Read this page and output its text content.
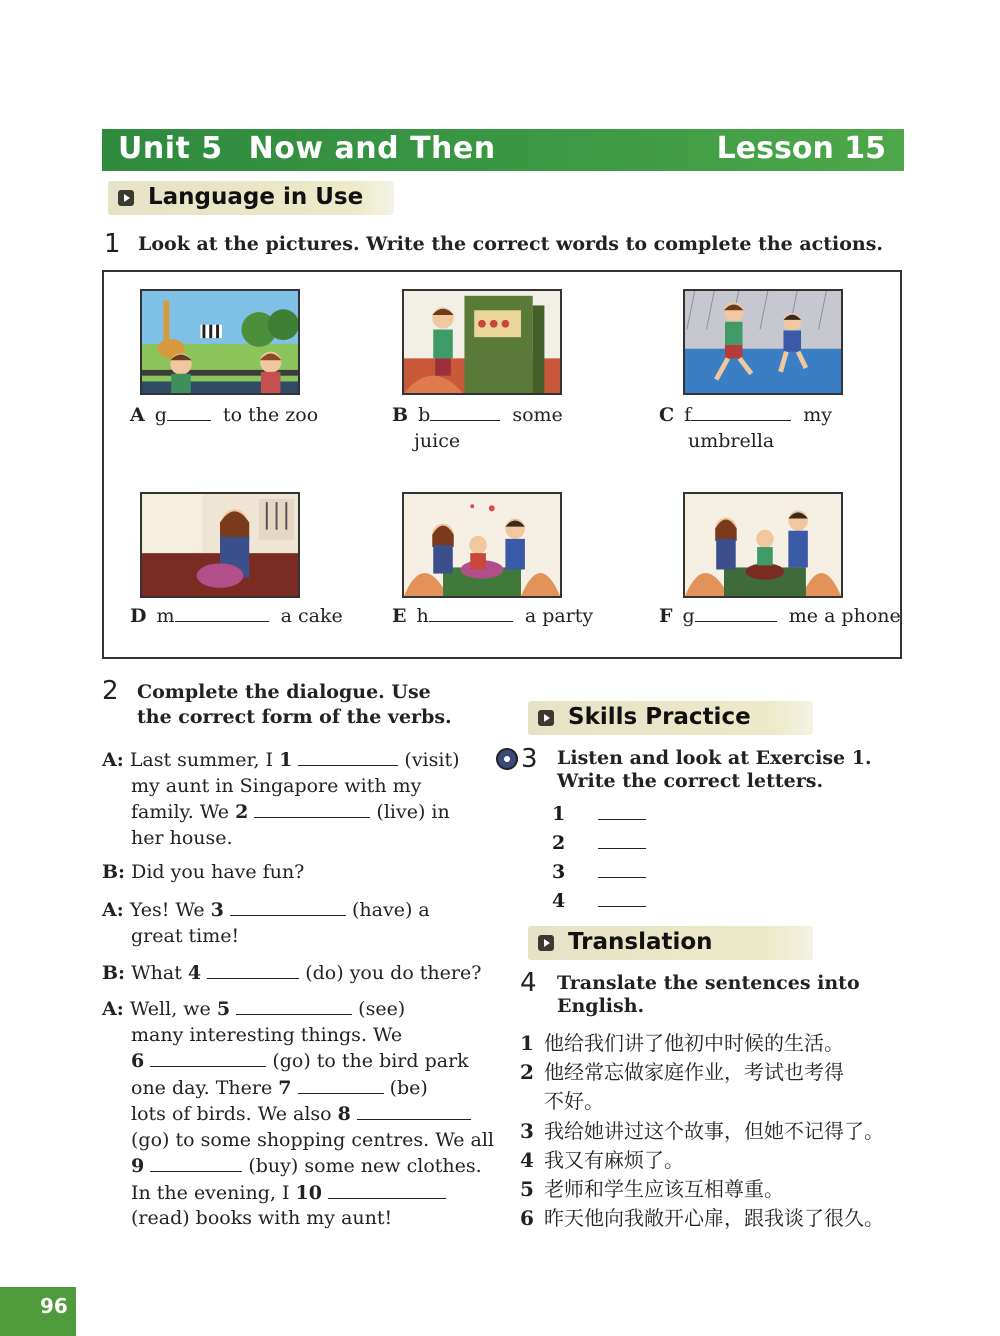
Unit 5 Now and Then	Lesson 15
Language in Use
1 Look at the pictures. Write the correct words to complete the actions.
A g	to the zoo	B b	some
juice
C f	my
umbrella
D m	a cake	E h	a party	F g	me a phone
2 Complete the dialogue. Use
the correct form of the verbs.
A: Last summer, I 1	(visit)

my aunt in Singapore with my
family. We 2	(live) in
her house.
B: Did you have fun?
A: Yes! We 3	(have) a
great time!
B: What 4	(do) you do there?
A: Well, we 5	(see)
many interesting things. We
6	(go) to the bird park
one day. There 7	(be)
lots of birds. We also 8
(go) to some shopping centres. We all
9	(buy) some new clothes.
In the evening, I 10
(read) books with my aunt!
Skills Practice
3 Listen and look at Exercise 1.
Write the correct letters.
1
2
3
4
Translation
4 Translate the sentences into
English.
1 他给我们讲了他初中时候的生活。
2 他经常忘做家庭作业，考试也考得
不好。
3 我给她讲过这个故事，但她不记得了。
4 我又有麻烦了。
5 老师和学生应该互相尊重。
6 昨天他向我敞开心扉，跟我谈了很久。
96
